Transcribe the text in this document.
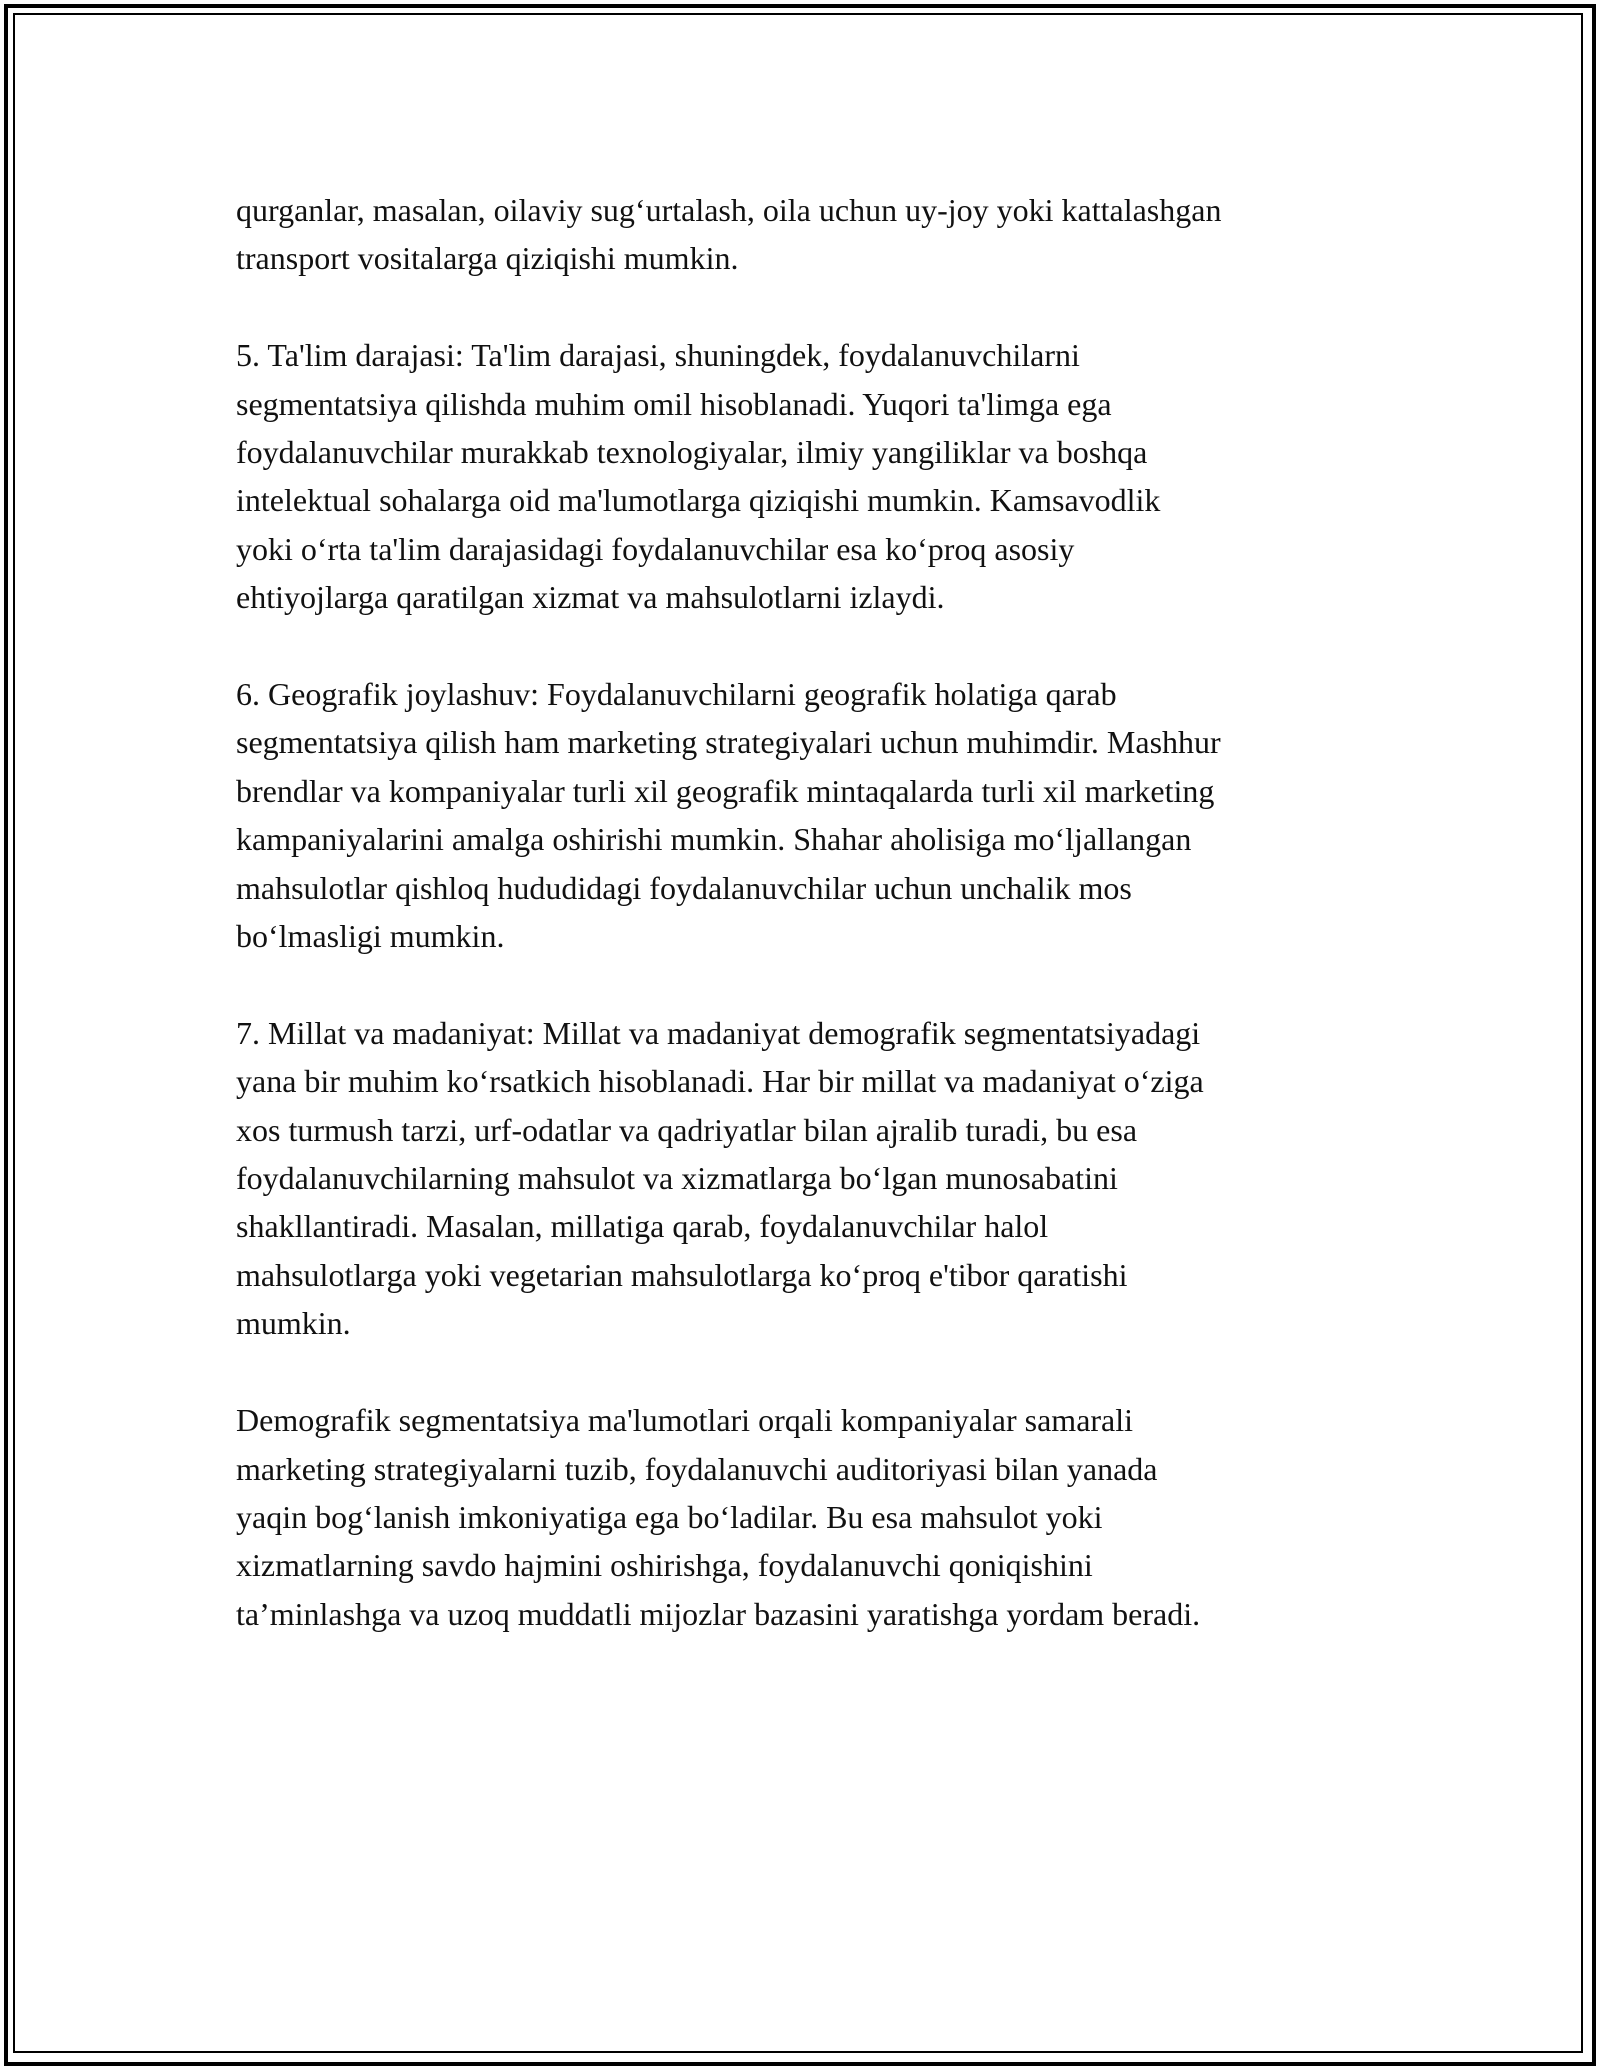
qurganlar, masalan, oilaviy sug‘urtalash, oila uchun uy-joy yoki kattalashgan
transport vositalarga qiziqishi mumkin.

5. Ta'lim darajasi: Ta'lim darajasi, shuningdek, foydalanuvchilarni
segmentatsiya qilishda muhim omil hisoblanadi. Yuqori ta'limga ega
foydalanuvchilar murakkab texnologiyalar, ilmiy yangiliklar va boshqa
intelektual sohalarga oid ma'lumotlarga qiziqishi mumkin. Kamsavodlik
yoki o‘rta ta'lim darajasidagi foydalanuvchilar esa ko‘proq asosiy
ehtiyojlarga qaratilgan xizmat va mahsulotlarni izlaydi.

6. Geografik joylashuv: Foydalanuvchilarni geografik holatiga qarab
segmentatsiya qilish ham marketing strategiyalari uchun muhimdir. Mashhur
brendlar va kompaniyalar turli xil geografik mintaqalarda turli xil marketing
kampaniyalarini amalga oshirishi mumkin. Shahar aholisiga mo‘ljallangan
mahsulotlar qishloq hududidagi foydalanuvchilar uchun unchalik mos
bo‘lmasligi mumkin.

7. Millat va madaniyat: Millat va madaniyat demografik segmentatsiyadagi
yana bir muhim ko‘rsatkich hisoblanadi. Har bir millat va madaniyat o‘ziga
xos turmush tarzi, urf-odatlar va qadriyatlar bilan ajralib turadi, bu esa
foydalanuvchilarning mahsulot va xizmatlarga bo‘lgan munosabatini
shakllantiradi. Masalan, millatiga qarab, foydalanuvchilar halol
mahsulotlarga yoki vegetarian mahsulotlarga ko‘proq e'tibor qaratishi
mumkin.

Demografik segmentatsiya ma'lumotlari orqali kompaniyalar samarali
marketing strategiyalarni tuzib, foydalanuvchi auditoriyasi bilan yanada
yaqin bog‘lanish imkoniyatiga ega bo‘ladilar. Bu esa mahsulot yoki
xizmatlarning savdo hajmini oshirishga, foydalanuvchi qoniqishini
ta’minlashga va uzoq muddatli mijozlar bazasini yaratishga yordam beradi.
